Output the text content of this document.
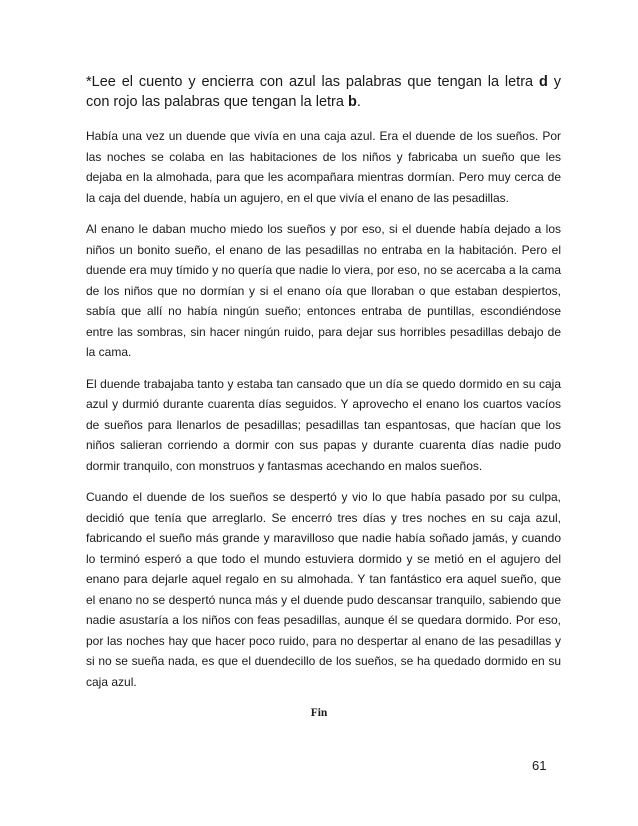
*Lee el cuento y encierra con azul las palabras que tengan la letra d y con rojo las palabras que tengan la letra b.

Había una vez un duende que vivía en una caja azul. Era el duende de los sueños. Por las noches se colaba en las habitaciones de los niños y fabricaba un sueño que les dejaba en la almohada, para que les acompañara mientras dormían. Pero muy cerca de la caja del duende, había un agujero, en el que vivía el enano de las pesadillas.

Al enano le daban mucho miedo los sueños y por eso, si el duende había dejado a los niños un bonito sueño, el enano de las pesadillas no entraba en la habitación. Pero el duende era muy tímido y no quería que nadie lo viera, por eso, no se acercaba a la cama de los niños que no dormían y si el enano oía que lloraban o que estaban despiertos, sabía que allí no había ningún sueño; entonces entraba de puntillas, escondiéndose entre las sombras, sin hacer ningún ruido, para dejar sus horribles pesadillas debajo de la cama.

El duende trabajaba tanto y estaba tan cansado que un día se quedo dormido en su caja azul y durmió durante cuarenta días seguidos. Y aprovecho el enano los cuartos vacíos de sueños para llenarlos de pesadillas; pesadillas tan espantosas, que hacían que los niños salieran corriendo a dormir con sus papas y durante cuarenta días nadie pudo dormir tranquilo, con monstruos y fantasmas acechando en malos sueños.

Cuando el duende de los sueños se despertó y vio lo que había pasado por su culpa, decidió que tenía que arreglarlo. Se encerró tres días y tres noches en su caja azul, fabricando el sueño más grande y maravilloso que nadie había soñado jamás, y cuando lo terminó esperó a que todo el mundo estuviera dormido y se metió en el agujero del enano para dejarle aquel regalo en su almohada. Y tan fantástico era aquel sueño, que el enano no se despertó nunca más y el duende pudo descansar tranquilo, sabiendo que nadie asustaría a los niños con feas pesadillas, aunque él se quedara dormido. Por eso, por las noches hay que hacer poco ruido, para no despertar al enano de las pesadillas y si no se sueña nada, es que el duendecillo de los sueños, se ha quedado dormido en su caja azul.

Fin
61
